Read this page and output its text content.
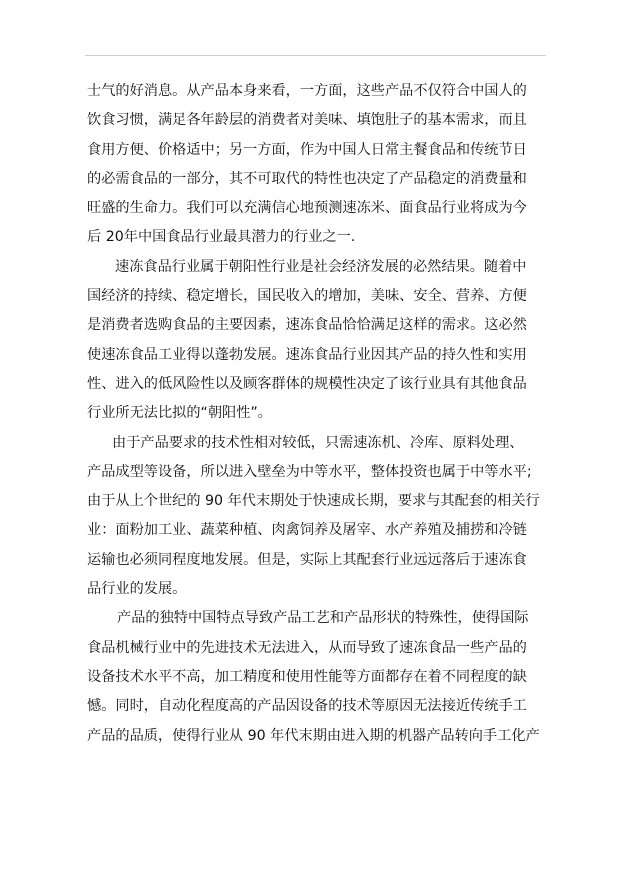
士气的好消息。从产品本身来看，一方面，这些产品不仅符合中国人的
饮食习惯，满足各年龄层的消费者对美味、填饱肚子的基本需求，而且
食用方便、价格适中；另一方面，作为中国人日常主餐食品和传统节日
的必需食品的一部分，其不可取代的特性也决定了产品稳定的消费量和
旺盛的生命力。我们可以充满信心地预测速冻米、面食品行业将成为今
后 20年中国食品行业最具潜力的行业之一.
速冻食品行业属于朝阳性行业是社会经济发展的必然结果。随着中
国经济的持续、稳定增长，国民收入的增加，美味、安全、营养、方便
是消费者选购食品的主要因素，速冻食品恰恰满足这样的需求。这必然
使速冻食品工业得以蓬勃发展。速冻食品行业因其产品的持久性和实用
性、进入的低风险性以及顾客群体的规模性决定了该行业具有其他食品
行业所无法比拟的“朝阳性”。
由于产品要求的技术性相对较低，只需速冻机、冷库、原料处理、
产品成型等设备，所以进入壁垒为中等水平，整体投资也属于中等水平;
由于从上个世纪的 90 年代末期处于快速成长期，要求与其配套的相关行
业：面粉加工业、蔬菜种植、肉禽饲养及屠宰、水产养殖及捕捞和冷链
运输也必须同程度地发展。但是，实际上其配套行业远远落后于速冻食
品行业的发展。
产品的独特中国特点导致产品工艺和产品形状的特殊性，使得国际
食品机械行业中的先进技术无法进入，从而导致了速冻食品一些产品的
设备技术水平不高，加工精度和使用性能等方面都存在着不同程度的缺
憾。同时，自动化程度高的产品因设备的技术等原因无法接近传统手工
产品的品质，使得行业从 90 年代末期由进入期的机器产品转向手工化产
